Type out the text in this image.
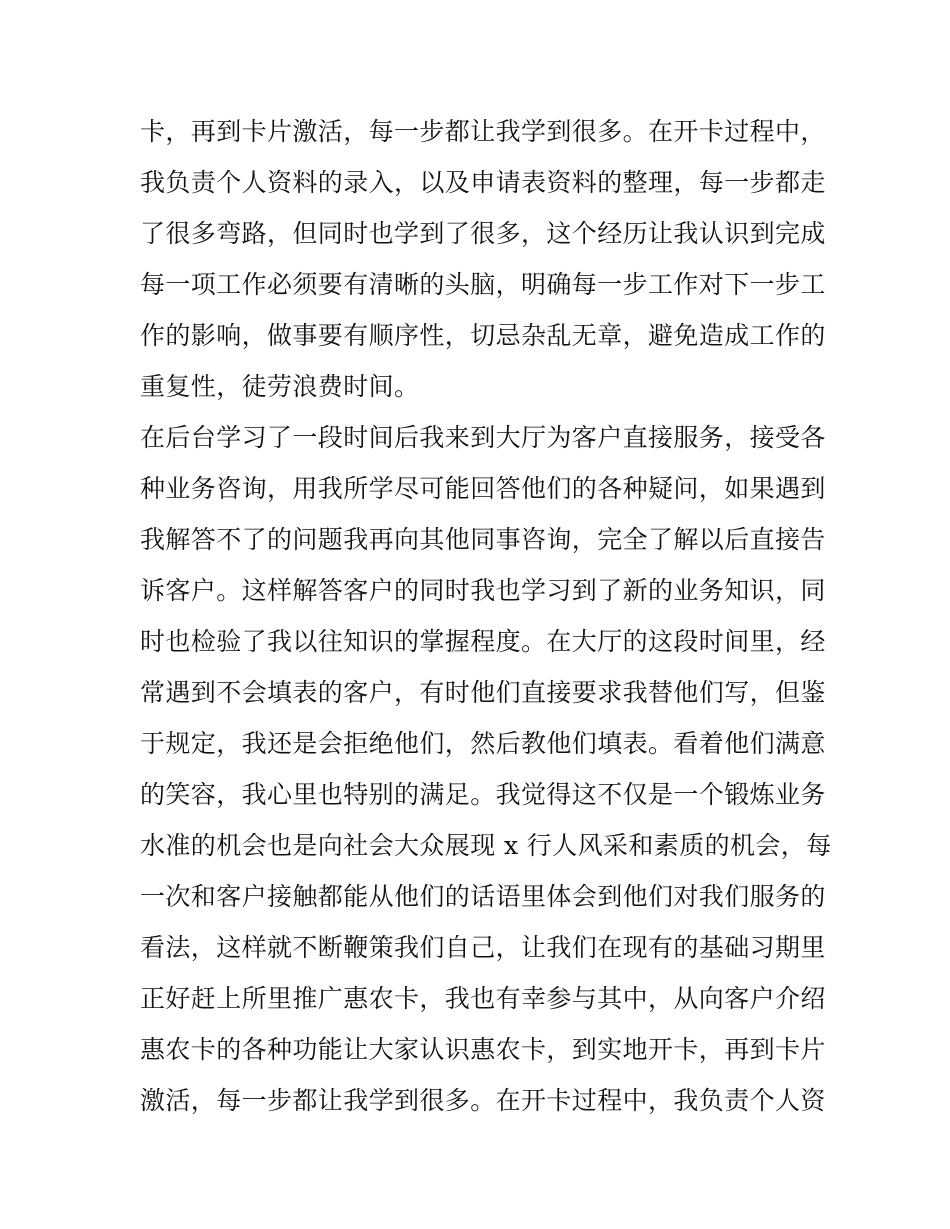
卡，再到卡片激活，每一步都让我学到很多。在开卡过程中，
我负责个人资料的录入，以及申请表资料的整理，每一步都走
了很多弯路，但同时也学到了很多，这个经历让我认识到完成
每一项工作必须要有清晰的头脑，明确每一步工作对下一步工
作的影响，做事要有顺序性，切忌杂乱无章，避免造成工作的
重复性，徒劳浪费时间。
在后台学习了一段时间后我来到大厅为客户直接服务，接受各
种业务咨询，用我所学尽可能回答他们的各种疑问，如果遇到
我解答不了的问题我再向其他同事咨询，完全了解以后直接告
诉客户。这样解答客户的同时我也学习到了新的业务知识，同
时也检验了我以往知识的掌握程度。在大厅的这段时间里，经
常遇到不会填表的客户，有时他们直接要求我替他们写，但鉴
于规定，我还是会拒绝他们，然后教他们填表。看着他们满意
的笑容，我心里也特别的满足。我觉得这不仅是一个锻炼业务
水准的机会也是向社会大众展现 x 行人风采和素质的机会，每
一次和客户接触都能从他们的话语里体会到他们对我们服务的
看法，这样就不断鞭策我们自己，让我们在现有的基础习期里
正好赶上所里推广惠农卡，我也有幸参与其中，从向客户介绍
惠农卡的各种功能让大家认识惠农卡，到实地开卡，再到卡片
激活，每一步都让我学到很多。在开卡过程中，我负责个人资
